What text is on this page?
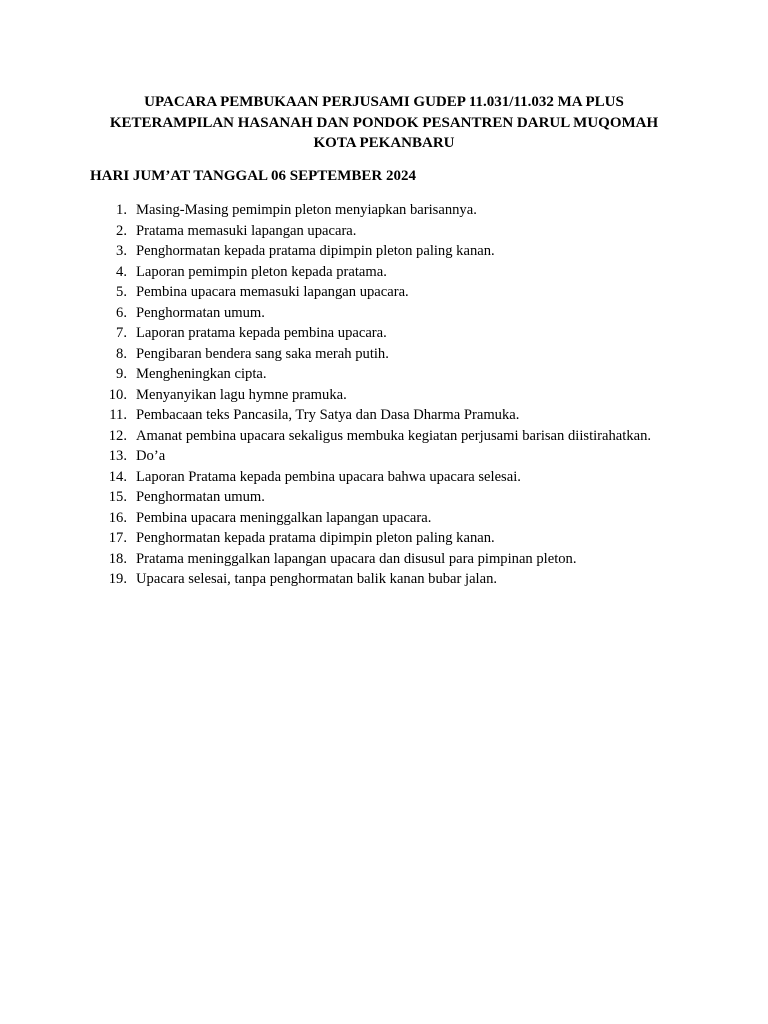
UPACARA PEMBUKAAN PERJUSAMI GUDEP 11.031/11.032 MA PLUS
KETERAMPILAN HASANAH DAN PONDOK PESANTREN DARUL MUQOMAH
KOTA PEKANBARU
HARI JUM’AT TANGGAL 06 SEPTEMBER 2024
1. Masing-Masing pemimpin pleton menyiapkan barisannya.
2. Pratama memasuki lapangan upacara.
3. Penghormatan kepada pratama dipimpin pleton paling kanan.
4. Laporan pemimpin pleton kepada pratama.
5. Pembina upacara memasuki lapangan upacara.
6. Penghormatan umum.
7. Laporan pratama kepada pembina upacara.
8. Pengibaran bendera sang saka merah putih.
9. Mengheningkan cipta.
10. Menyanyikan lagu hymne pramuka.
11. Pembacaan teks Pancasila, Try Satya dan Dasa Dharma Pramuka.
12. Amanat pembina upacara sekaligus membuka kegiatan perjusami barisan diistirahatkan.
13. Do’a
14. Laporan Pratama kepada pembina upacara bahwa upacara selesai.
15. Penghormatan umum.
16. Pembina upacara meninggalkan lapangan upacara.
17. Penghormatan kepada pratama dipimpin pleton paling kanan.
18. Pratama meninggalkan lapangan upacara dan disusul para pimpinan pleton.
19. Upacara selesai, tanpa penghormatan balik kanan bubar jalan.
